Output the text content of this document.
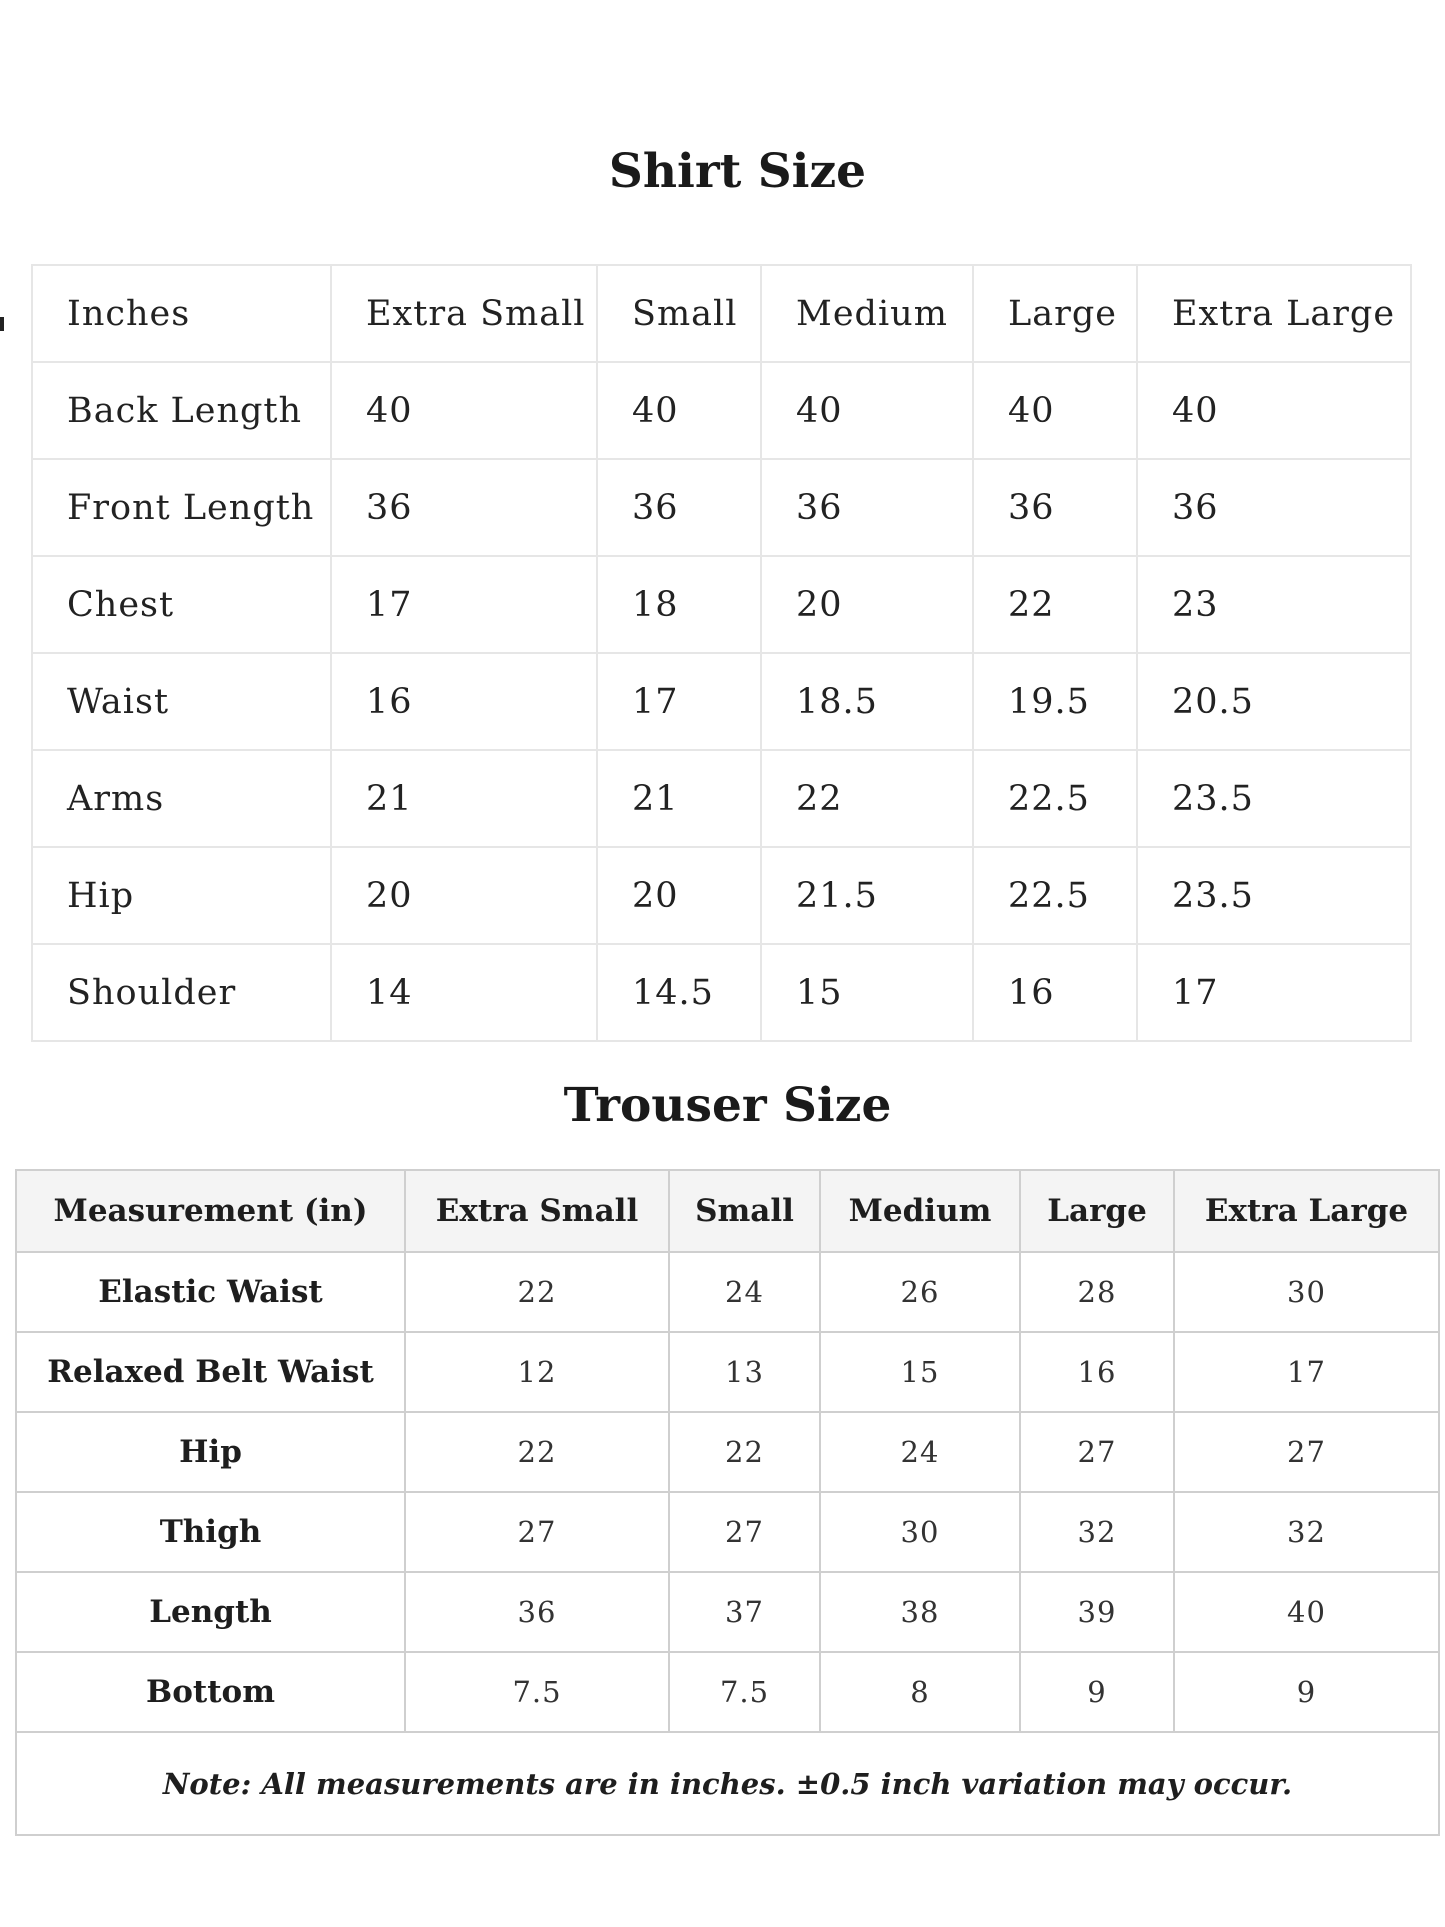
Shirt Size
Inches	Extra Small	Small	Medium	Large	Extra Large
Back Length	40	40	40	40	40
Front Length	36	36	36	36	36
Chest	17	18	20	22	23
Waist	16	17	18.5	19.5	20.5
Arms	21	21	22	22.5	23.5
Hip	20	20	21.5	22.5	23.5
Shoulder	14	14.5	15	16	17
Trouser Size
Measurement (in)	Extra Small	Small	Medium	Large	Extra Large
Elastic Waist	22	24	26	28	30
Relaxed Belt Waist	12	13	15	16	17
Hip	22	22	24	27	27
Thigh	27	27	30	32	32
Length	36	37	38	39	40
Bottom	7.5	7.5	8	9	9
Note: All measurements are in inches. ±0.5 inch variation may occur.					
